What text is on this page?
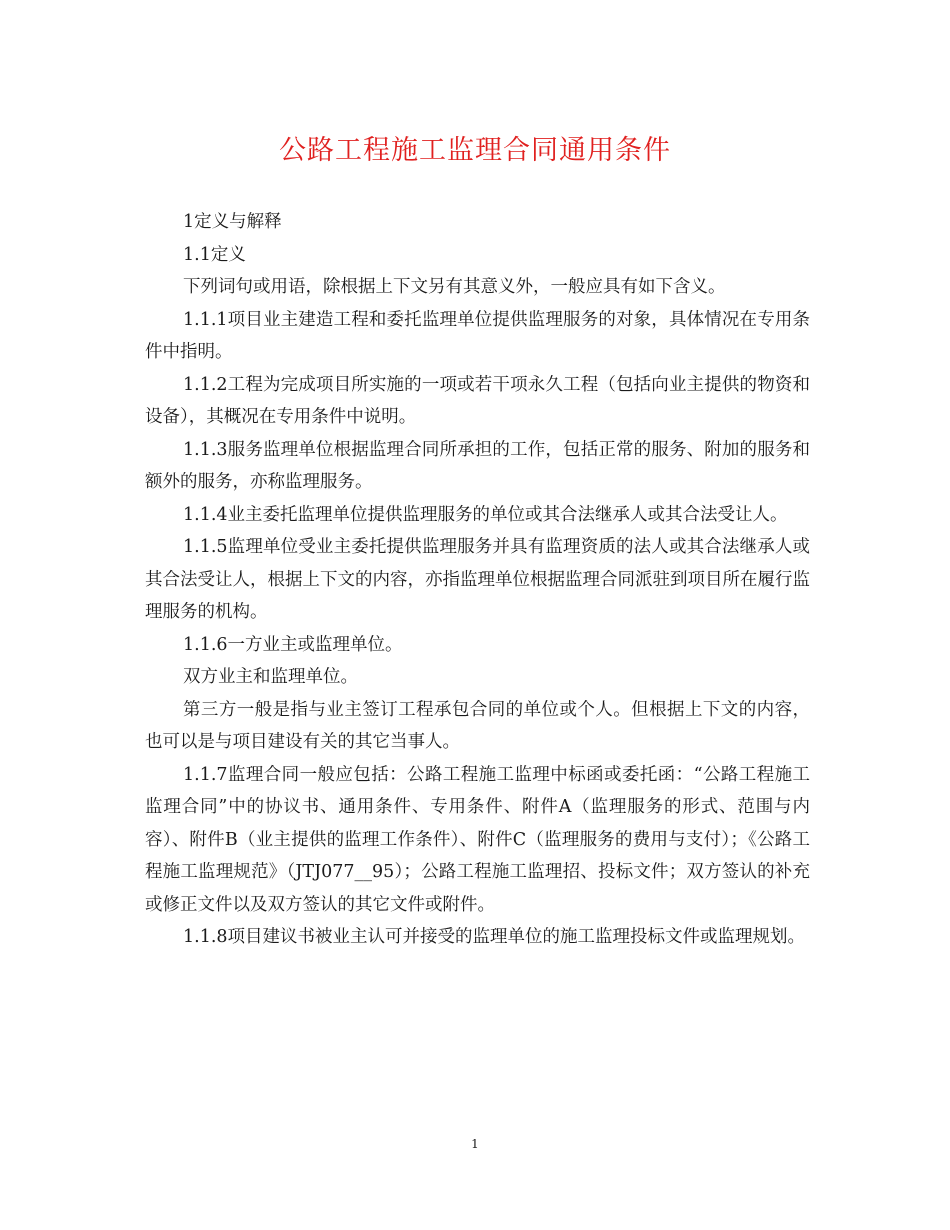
公路工程施工监理合同通用条件

1定义与解释

1.1定义

下列词句或用语，除根据上下文另有其意义外，一般应具有如下含义。

1.1.1项目业主建造工程和委托监理单位提供监理服务的对象，具体情况在专用条件中指明。

1.1.2工程为完成项目所实施的一项或若干项永久工程（包括向业主提供的物资和设备），其概况在专用条件中说明。

1.1.3服务监理单位根据监理合同所承担的工作，包括正常的服务、附加的服务和额外的服务，亦称监理服务。

1.1.4业主委托监理单位提供监理服务的单位或其合法继承人或其合法受让人。

1.1.5监理单位受业主委托提供监理服务并具有监理资质的法人或其合法继承人或其合法受让人，根据上下文的内容，亦指监理单位根据监理合同派驻到项目所在履行监理服务的机构。

1.1.6一方业主或监理单位。

双方业主和监理单位。

第三方一般是指与业主签订工程承包合同的单位或个人。但根据上下文的内容，也可以是与项目建设有关的其它当事人。

1.1.7监理合同一般应包括：公路工程施工监理中标函或委托函：“公路工程施工监理合同”中的协议书、通用条件、专用条件、附件A（监理服务的形式、范围与内容）、附件B（业主提供的监理工作条件）、附件C（监理服务的费用与支付）；《公路工程施工监理规范》（JTJ077__95）；公路工程施工监理招、投标文件；双方签认的补充或修正文件以及双方签认的其它文件或附件。

1.1.8项目建议书被业主认可并接受的监理单位的施工监理投标文件或监理规划。

1
